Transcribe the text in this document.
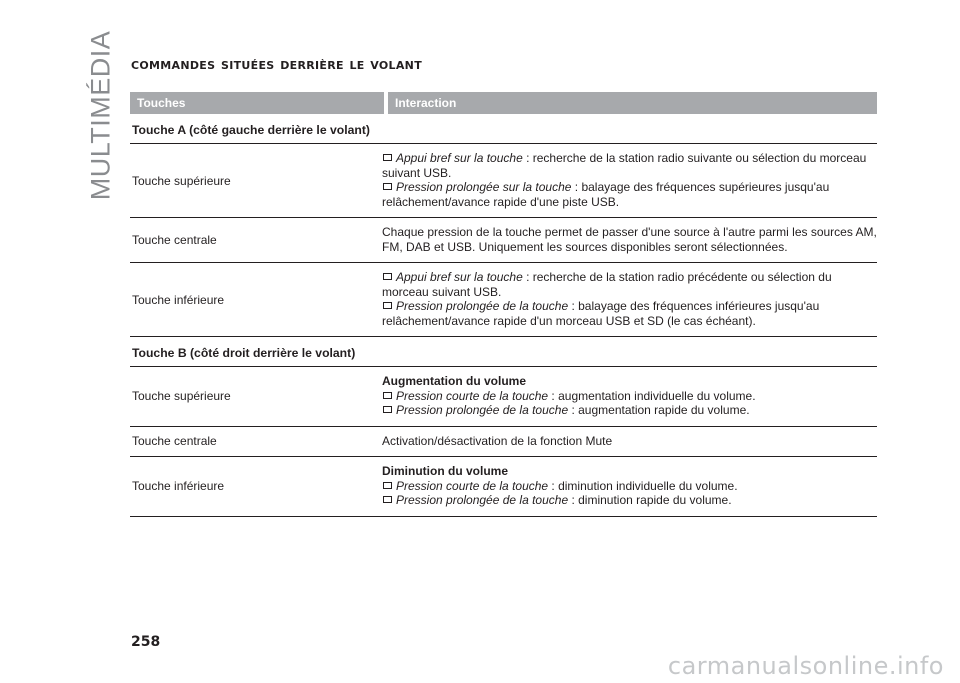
MULTIMÉDIA commandes situées derrière le volant
Touches	Interaction
Touche A (côté gauche derrière le volant)
Touche supérieure
Appui bref sur la touche : recherche de la station radio suivante ou sélection du morceau suivant USB.
Pression prolongée sur la touche : balayage des fréquences supérieures jusqu'au relâchement/avance rapide d'une piste USB.
Touche centrale
Chaque pression de la touche permet de passer d'une source à l'autre parmi les sources AM, FM, DAB et USB. Uniquement les sources disponibles seront sélectionnées.
Touche inférieure
Appui bref sur la touche : recherche de la station radio précédente ou sélection du morceau suivant USB.
Pression prolongée de la touche : balayage des fréquences inférieures jusqu'au relâchement/avance rapide d'un morceau USB et SD (le cas échéant).
Touche B (côté droit derrière le volant)
Touche supérieure
Augmentation du volume
Pression courte de la touche : augmentation individuelle du volume.
Pression prolongée de la touche : augmentation rapide du volume.
Touche centrale	Activation/désactivation de la fonction Mute
Touche inférieure
Diminution du volume
Pression courte de la touche : diminution individuelle du volume.
Pression prolongée de la touche : diminution rapide du volume.

258

carmanualsonline.info
